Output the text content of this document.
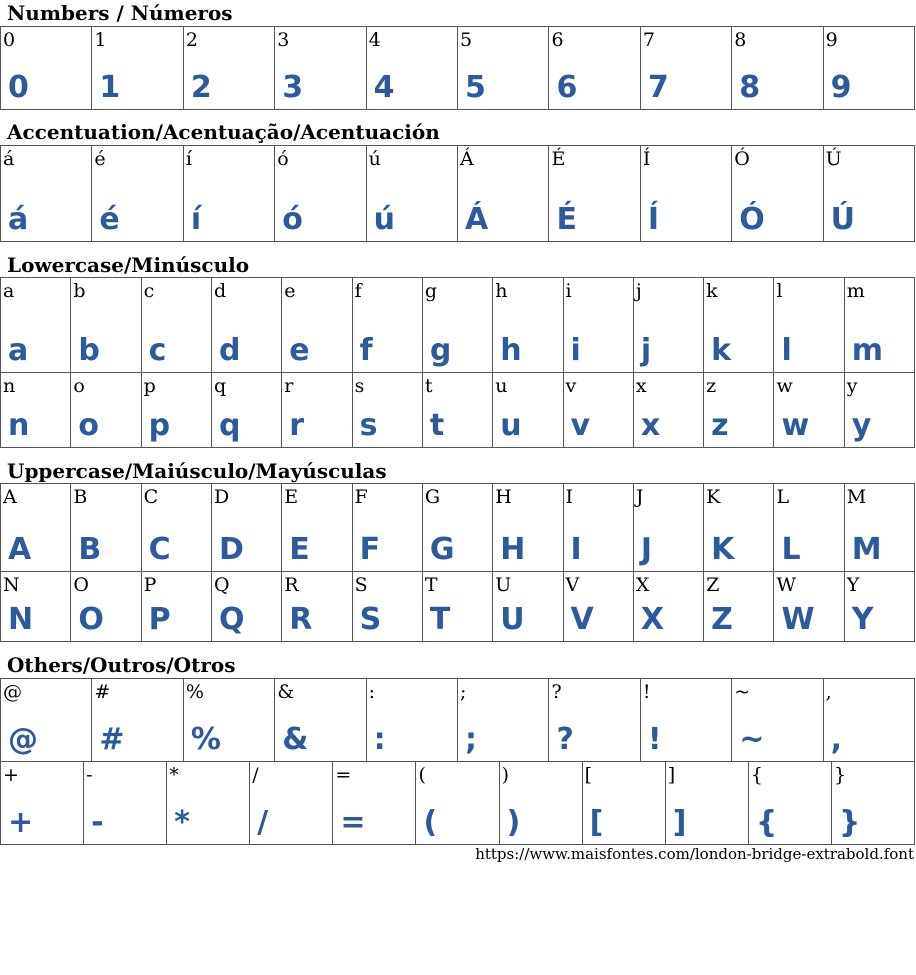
Numbers / Números
0
0
1
1
2
2
3
3
4
4
5
5
6
6
7
7
8
8
9
9
Accentuation/Acentuação/Acentuación
á
á
é
é
í
í
ó
ó
ú
ú
Á
Á
É
É
Í
Í
Ó
Ó
Ú
Ú
Lowercase/Minúsculo
a
a
b
b
c
c
d
d
e
e
f
f
g
g
h
h
i
i
j
j
k
k
l
l
m
m
n
n
o
o
p
p
q
q
r
r
s
s
t
t
u
u
v
v
x
x
z
z
w
w
y
y
Uppercase/Maiúsculo/Mayúsculas
A
A
B
B
C
C
D
D
E
E
F
F
G
G
H
H
I
I
J
J
K
K
L
L
M
M
N
N
O
O
P
P
Q
Q
R
R
S
S
T
T
U
U
V
V
X
X
Z
Z
W
W
Y
Y
Others/Outros/Otros
@
@
#
#
%
%
&
&
:
:
;
;
?
?
!
!
~
~
,
,
+
+
-
-
*
*
/
/
=
=
(
(
)
)
[
[
]
]
{
{
}
}
https://www.maisfontes.com/london-bridge-extrabold.font
